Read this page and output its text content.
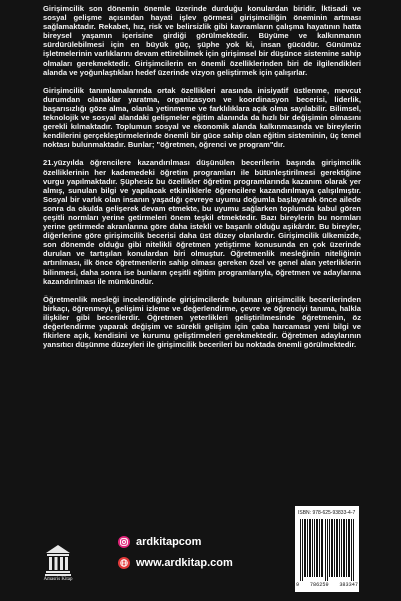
Girişimcilik son dönemin önemle üzerinde durduğu konulardan biridir. İktisadi ve sosyal gelişme açısından hayati işlev görmesi girişimciliğin öneminin artması sağlamaktadır. Rekabet, hız, risk ve belirsizlik gibi kavramların çalışma hayatının hatta bireysel yaşamın içerisine girdiği görülmektedir. Büyüme ve kalkınmanın sürdürülebilmesi için en büyük güç, şüphe yok ki, insan gücüdür. Günümüz işletmelerinin varlıklarını devam ettirebilmek için girişimsel bir düşünce sistemine sahip olmaları gerekmektedir. Girişimcilerin en önemli özelliklerinden biri de ilgilendikleri alanda ve yoğunlaştıkları hedef üzerinde vizyon geliştirmek için çalışırlar.

Girişimcilik tanımlamalarında ortak özellikleri arasında inisiyatif üstlenme, mevcut durumdan olanaklar yaratma, organizasyon ve koordinasyon becerisi, liderlik, başarısızlığı göze alma, olanla yetinmeme ve farklılıklara açık olma sayılabilir. Bilimsel, teknolojik ve sosyal alandaki gelişmeler eğitim alanında da hızlı bir değişimin olmasını gerekli kılmaktadır. Toplumun sosyal ve ekonomik alanda kalkınmasında ve bireylerin kendilerini gerçekleştirmelerinde önemli bir güce sahip olan eğitim sisteminin, üç temel noktası bulunmaktadır. Bunlar; "öğretmen, öğrenci ve program"dır.

21.yüzyılda öğrencilere kazandırılması düşünülen becerilerin başında girişimcilik özelliklerinin her kademedeki öğretim programları ile bütünleştirilmesi gerektiğine vurgu yapılmaktadır. Şüphesiz bu özellikler öğretim programlarında kazanım olarak yer almış, sunulan bilgi ve yapılacak etkinliklerle öğrencilere kazandırılmaya çalışılmıştır. Sosyal bir varlık olan insanın yaşadığı çevreye uyumu doğumla başlayarak önce ailede sonra da okulda gelişerek devam etmekte, bu uyumu sağlarken toplumda kabul gören çeşitli normları yerine getirmeleri önem teşkil etmektedir. Bazı bireylerin bu normları yerine getirmede akranlarına göre daha istekli ve başarılı olduğu aşikârdır. Bu bireyler, diğerlerine göre girişimcilik becerisi daha üst düzey olanlardır. Girişimcilik ülkemizde, son dönemde olduğu gibi nitelikli öğretmen yetiştirme konusunda en çok üzerinde durulan ve tartışılan konulardan biri olmuştur. Öğretmenlik mesleğinin niteliğinin artırılması, ilk önce öğretmenlerin sahip olması gereken özel ve genel alan yeterliklerin bilinmesi, daha sonra ise bunların çeşitli eğitim programlarıyla, öğretmen ve adaylarına kazandırılması ile mümkündür.

Öğretmenlik mesleği incelendiğinde girişimcilerde bulunan girişimcilik becerilerinden birkaçı, öğrenmeyi, gelişimi izleme ve değerlendirme, çevre ve öğrenciyi tanıma, halkla ilişkiler gibi becerilerdir. Öğretmen yeterlikleri geliştirilmesinde öğretmenin, öz değerlendirme yaparak değişim ve sürekli gelişim için çaba harcaması yeni bilgi ve fikirlere açık, kendisini ve kurumu geliştirmeleri gerekmektedir. Öğretmen adaylarının yansıtıcı düşünme düzeyleri ile girişimcilik becerileri bu noktada önemli görülmektedir.

Amasris Kitap
ardkitapcom
www.ardkitap.com
ISBN: 978-625-93833-4-7
9 786259 383347
